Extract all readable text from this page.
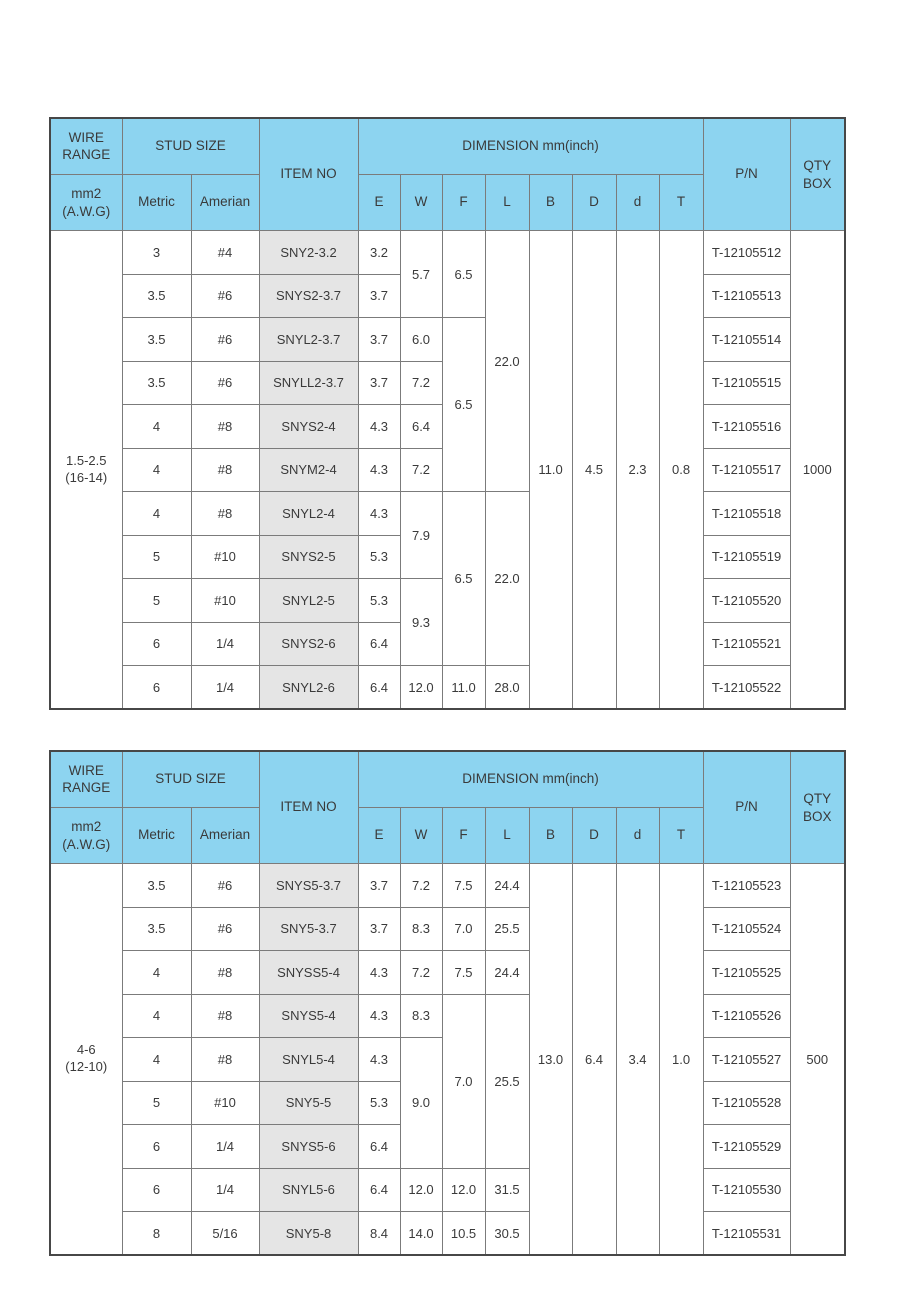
WIRE RANGE	STUD SIZE		ITEM NO	DIMENSION mm(inch)								P/N	QTY
BOX

mm2
(A.W.G)	Metric	Amerian		E	W	F	L	B	D	d	T		

1.5-2.5
(16-14)	3	#4	SNY2-3.2	3.2	5.7	6.5	22.0	11.0	4.5	2.3	0.8	T-12105512	1000
	3.5	#6	SNYS2-3.7	3.7								T-12105513	
	3.5	#6	SNYL2-3.7	3.7	6.0	6.5						T-12105514	
	3.5	#6	SNYLL2-3.7	3.7	7.2							T-12105515	
	4	#8	SNYS2-4	4.3	6.4							T-12105516	
	4	#8	SNYM2-4	4.3	7.2							T-12105517	
	4	#8	SNYL2-4	4.3	7.9	6.5	22.0					T-12105518	
	5	#10	SNYS2-5	5.3								T-12105519	
	5	#10	SNYL2-5	5.3	9.3							T-12105520	
	6	1/4	SNYS2-6	6.4								T-12105521	
	6	1/4	SNYL2-6	6.4	12.0	11.0	28.0					T-12105522	
WIRE RANGE	STUD SIZE		ITEM NO	DIMENSION mm(inch)								P/N	QTY
BOX

mm2
(A.W.G)	Metric	Amerian		E	W	F	L	B	D	d	T		

4-6
(12-10)	3.5	#6	SNYS5-3.7	3.7	7.2	7.5	24.4	13.0	6.4	3.4	1.0	T-12105523	500
	3.5	#6	SNY5-3.7	3.7	8.3	7.0	25.5					T-12105524	
	4	#8	SNYSS5-4	4.3	7.2	7.5	24.4					T-12105525	
	4	#8	SNYS5-4	4.3	8.3	7.0	25.5					T-12105526	
	4	#8	SNYL5-4	4.3	9.0							T-12105527	
	5	#10	SNY5-5	5.3								T-12105528	
	6	1/4	SNYS5-6	6.4								T-12105529	
	6	1/4	SNYL5-6	6.4	12.0	12.0	31.5					T-12105530	
	8	5/16	SNY5-8	8.4	14.0	10.5	30.5					T-12105531	
